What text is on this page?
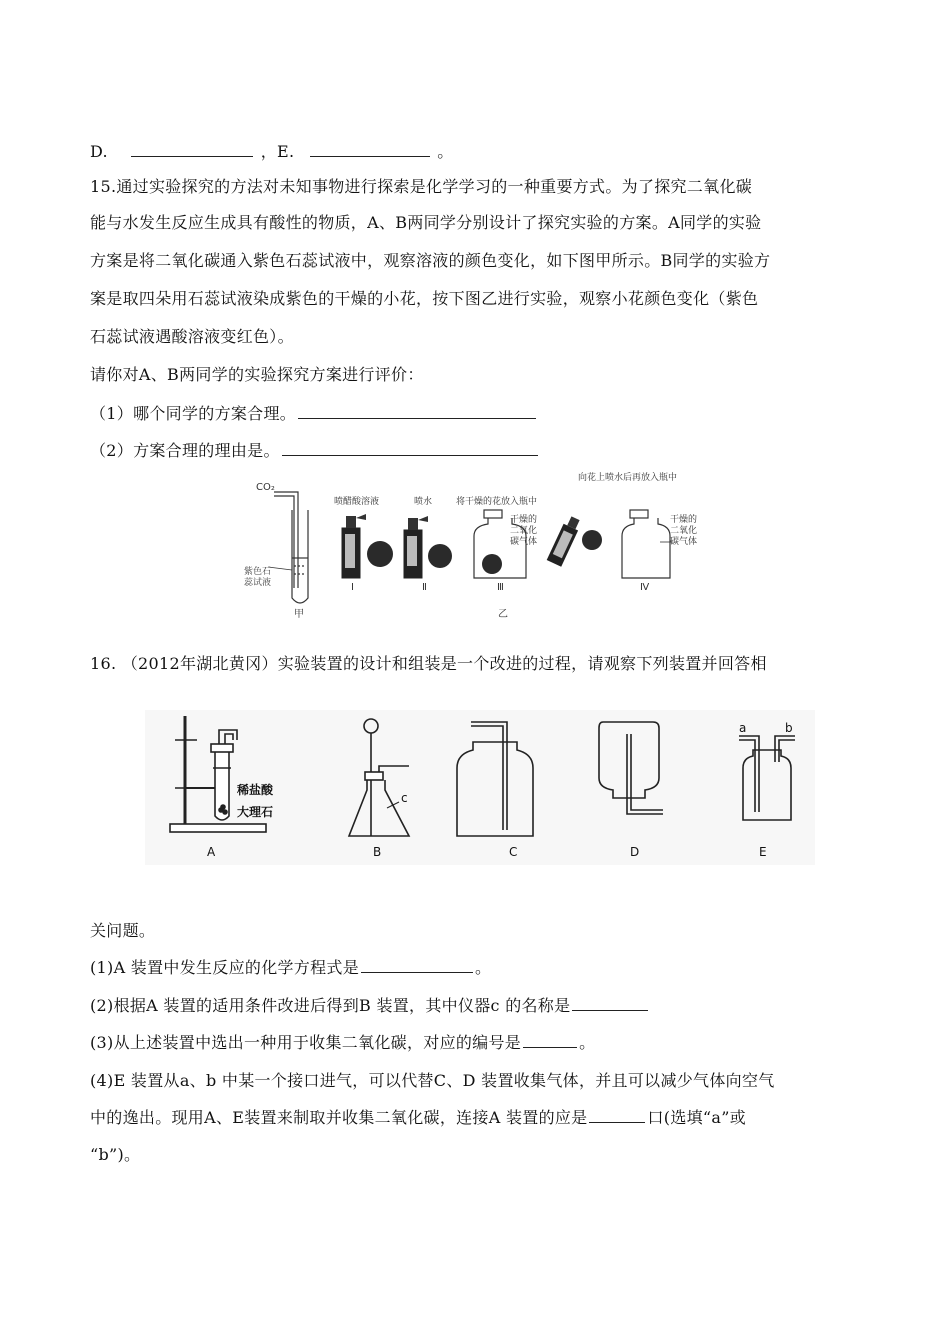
D.	，E.	。
15.通过实验探究的方法对未知事物进行探索是化学学习的一种重要方式。为了探究二氧化碳
能与水发生反应生成具有酸性的物质，A、B两同学分别设计了探究实验的方案。A同学的实验
方案是将二氧化碳通入紫色石蕊试液中，观察溶液的颜色变化，如下图甲所示。B同学的实验方
案是取四朵用石蕊试液染成紫色的干燥的小花，按下图乙进行实验，观察小花颜色变化（紫色
石蕊试液遇酸溶液变红色）。
请你对A、B两同学的实验探究方案进行评价：
（1）哪个同学的方案合理。
（2）方案合理的理由是。
CO₂
紫色石
蕊试液
甲
喷醋酸溶液	喷水	将干燥的花放入瓶中
向花上喷水后再放入瓶中
Ⅰ	Ⅱ
干燥的
二氧化
碳气体
Ⅲ
干燥的
二氧化
碳气体
Ⅳ
乙
16. （2012年湖北黄冈）实验装置的设计和组装是一个改进的过程，请观察下列装置并回答相
稀盐酸
大理石
A
c
B	C	D
a	b
E
关问题。
(1)A 装置中发生反应的化学方程式是	。
(2)根据A 装置的适用条件改进后得到B 装置，其中仪器c 的名称是
(3)从上述装置中选出一种用于收集二氧化碳，对应的编号是	。
(4)E 装置从a、b 中某一个接口进气，可以代替C、D 装置收集气体，并且可以减少气体向空气
中的逸出。现用A、E装置来制取并收集二氧化碳，连接A 装置的应是	口(选填“a”或
“b”)。
